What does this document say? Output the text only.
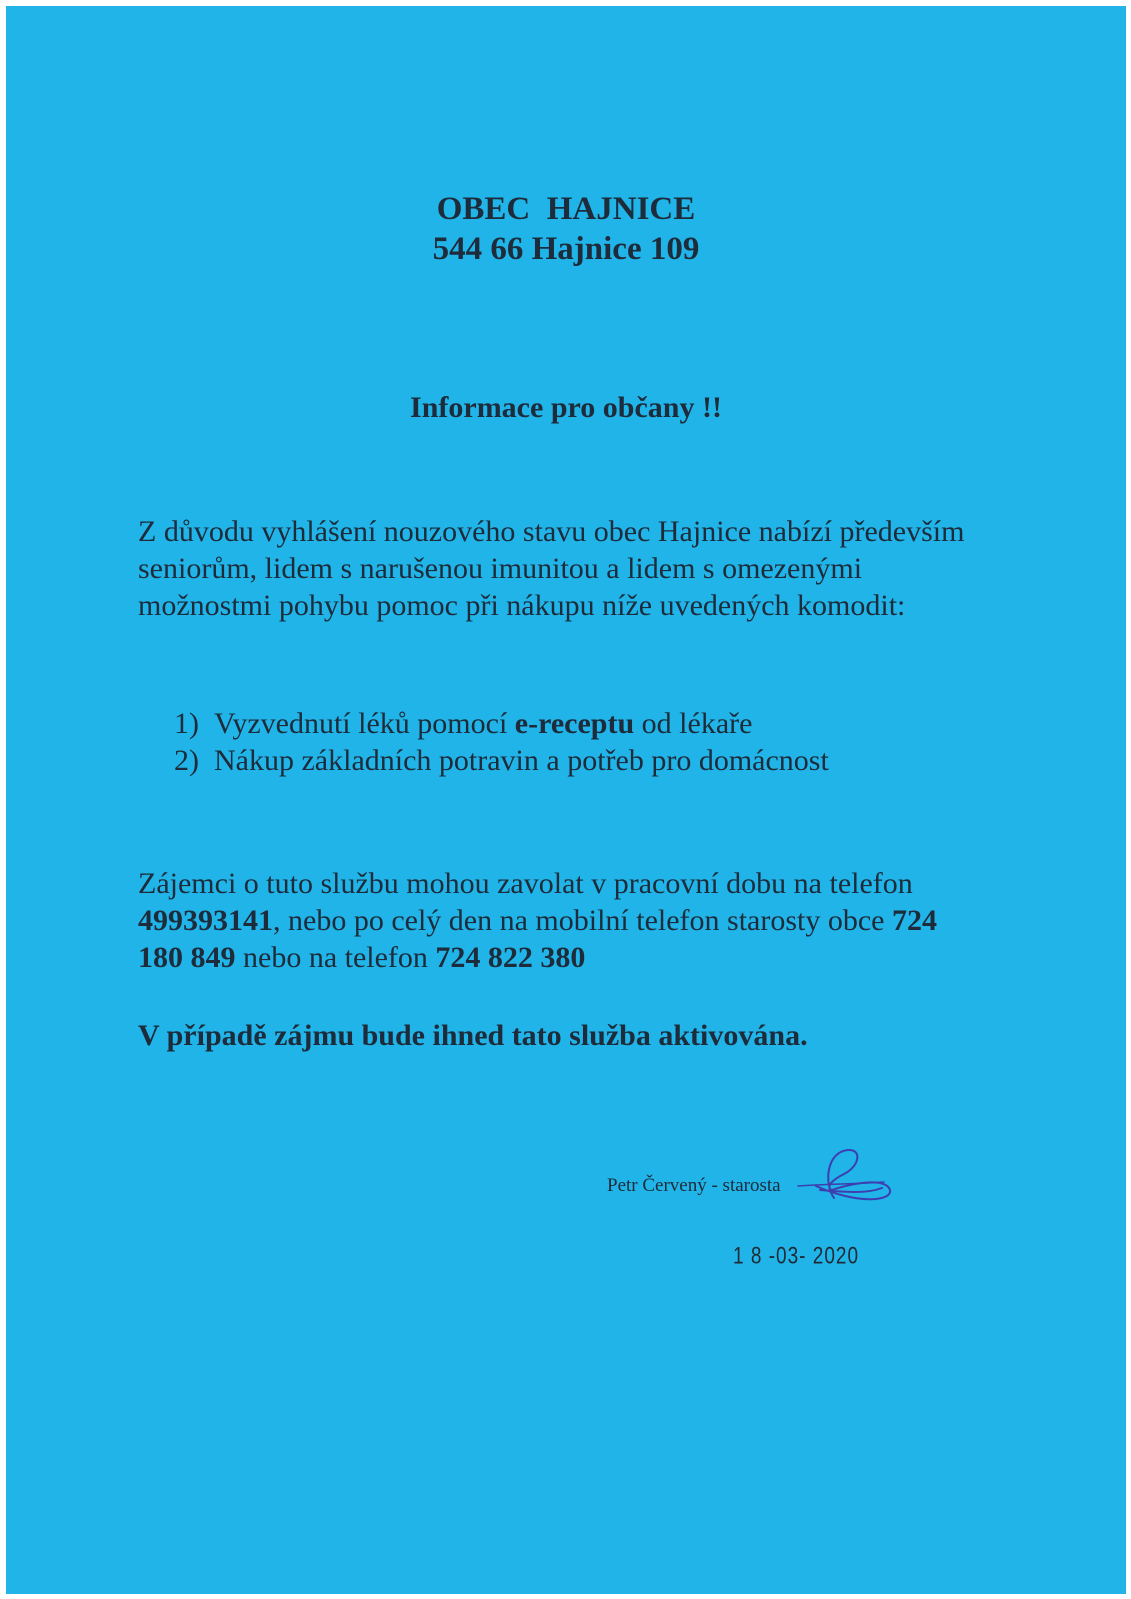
OBEC  HAJNICE
544 66 Hajnice 109
Informace pro občany !!
Z důvodu vyhlášení nouzového stavu obec Hajnice nabízí především seniorům, lidem s narušenou imunitou a lidem s omezenými možnostmi pohybu pomoc při nákupu níže uvedených komodit:
1) Vyzvednutí léků pomocí e-receptu od lékaře
2) Nákup základních potravin a potřeb pro domácnost
Zájemci o tuto službu mohou zavolat v pracovní dobu na telefon 499393141, nebo po celý den na mobilní telefon starosty obce 724 180 849 nebo na telefon 724 822 380
V případě zájmu bude ihned tato služba aktivována.
Petr Červený - starosta
1 8 -03- 2020
